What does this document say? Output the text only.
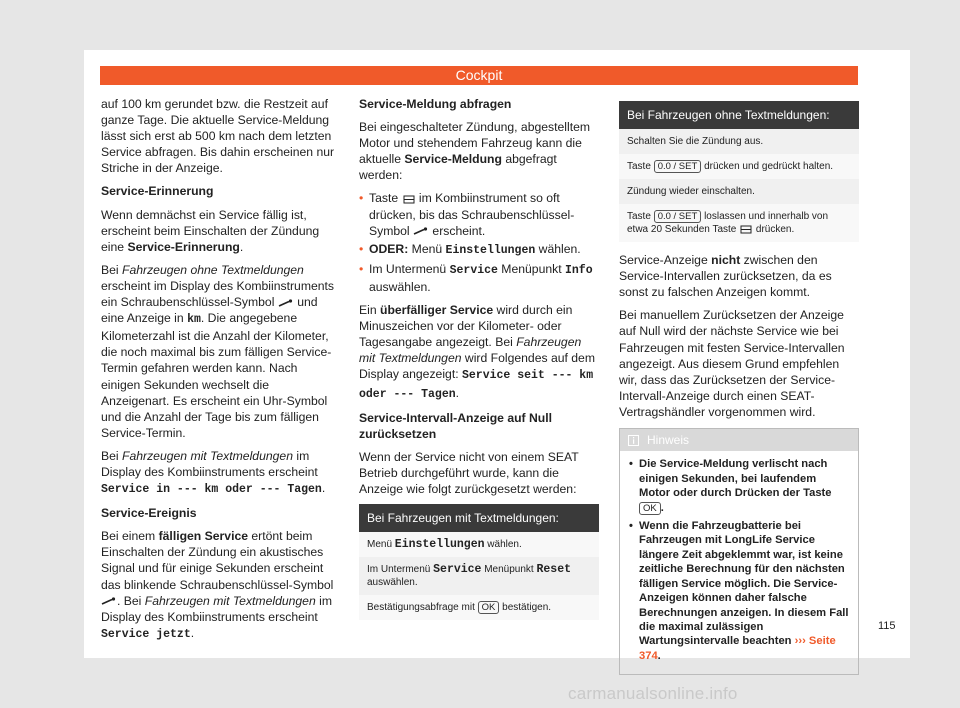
Cockpit

auf 100 km gerundet bzw. die Restzeit auf ganze Tage. Die aktuelle Service-Meldung lässt sich erst ab 500 km nach dem letzten Service abfragen. Bis dahin erscheinen nur Striche in der Anzeige.

Service-Erinnerung

Wenn demnächst ein Service fällig ist, erscheint beim Einschalten der Zündung eine Service-Erinnerung.

Bei Fahrzeugen ohne Textmeldungen erscheint im Display des Kombiinstruments ein Schraubenschlüssel-Symbol  und eine Anzeige in km. Die angegebene Kilometerzahl ist die Anzahl der Kilometer, die noch maximal bis zum fälligen Service-Termin gefahren werden kann. Nach einigen Sekunden wechselt die Anzeigenart. Es erscheint ein Uhr-Symbol und die Anzahl der Tage bis zum fälligen Service-Termin.

Bei Fahrzeugen mit Textmeldungen im Display des Kombiinstruments erscheint Service in --- km oder --- Tagen.

Service-Ereignis

Bei einem fälligen Service ertönt beim Einschalten der Zündung ein akustisches Signal und für einige Sekunden erscheint das blinkende Schraubenschlüssel-Symbol . Bei Fahrzeugen mit Textmeldungen im Display des Kombiinstruments erscheint Service jetzt.

Service-Meldung abfragen

Bei eingeschalteter Zündung, abgestelltem Motor und stehendem Fahrzeug kann die aktuelle Service-Meldung abgefragt werden:

• Taste  im Kombiinstrument so oft drücken, bis das Schraubenschlüssel-Symbol  erscheint.
• ODER: Menü Einstellungen wählen.
• Im Untermenü Service Menüpunkt Info auswählen.

Ein überfälliger Service wird durch ein Minuszeichen vor der Kilometer- oder Tagesangabe angezeigt. Bei Fahrzeugen mit Textmeldungen wird Folgendes auf dem Display angezeigt: Service seit --- km oder --- Tagen.

Service-Intervall-Anzeige auf Null zurücksetzen

Wenn der Service nicht von einem SEAT Betrieb durchgeführt wurde, kann die Anzeige wie folgt zurückgesetzt werden:

Bei Fahrzeugen mit Textmeldungen:
Menü Einstellungen wählen.
Im Untermenü Service Menüpunkt Reset auswählen.
Bestätigungsabfrage mit OK bestätigen.
Bei Fahrzeugen ohne Textmeldungen:
Schalten Sie die Zündung aus.
Taste 0.0 / SET drücken und gedrückt halten.
Zündung wieder einschalten.
Taste 0.0 / SET loslassen und innerhalb von etwa 20 Sekunden Taste  drücken.

Service-Anzeige nicht zwischen den Service-Intervallen zurücksetzen, da es sonst zu falschen Anzeigen kommt.

Bei manuellem Zurücksetzen der Anzeige auf Null wird der nächste Service wie bei Fahrzeugen mit festen Service-Intervallen angezeigt. Aus diesem Grund empfehlen wir, dass das Zurücksetzen der Service-Intervall-Anzeige durch einen SEAT-Vertragshändler vorgenommen wird.

Hinweis
• Die Service-Meldung verlischt nach einigen Sekunden, bei laufendem Motor oder durch Drücken der Taste OK .
• Wenn die Fahrzeugbatterie bei Fahrzeugen mit LongLife Service längere Zeit abgeklemmt war, ist keine zeitliche Berechnung für den nächsten fälligen Service möglich. Die Service-Anzeigen können daher falsche Berechnungen anzeigen. In diesem Fall die maximal zulässigen Wartungsintervalle beachten ››› Seite 374.
115
carmanualsonline.info
